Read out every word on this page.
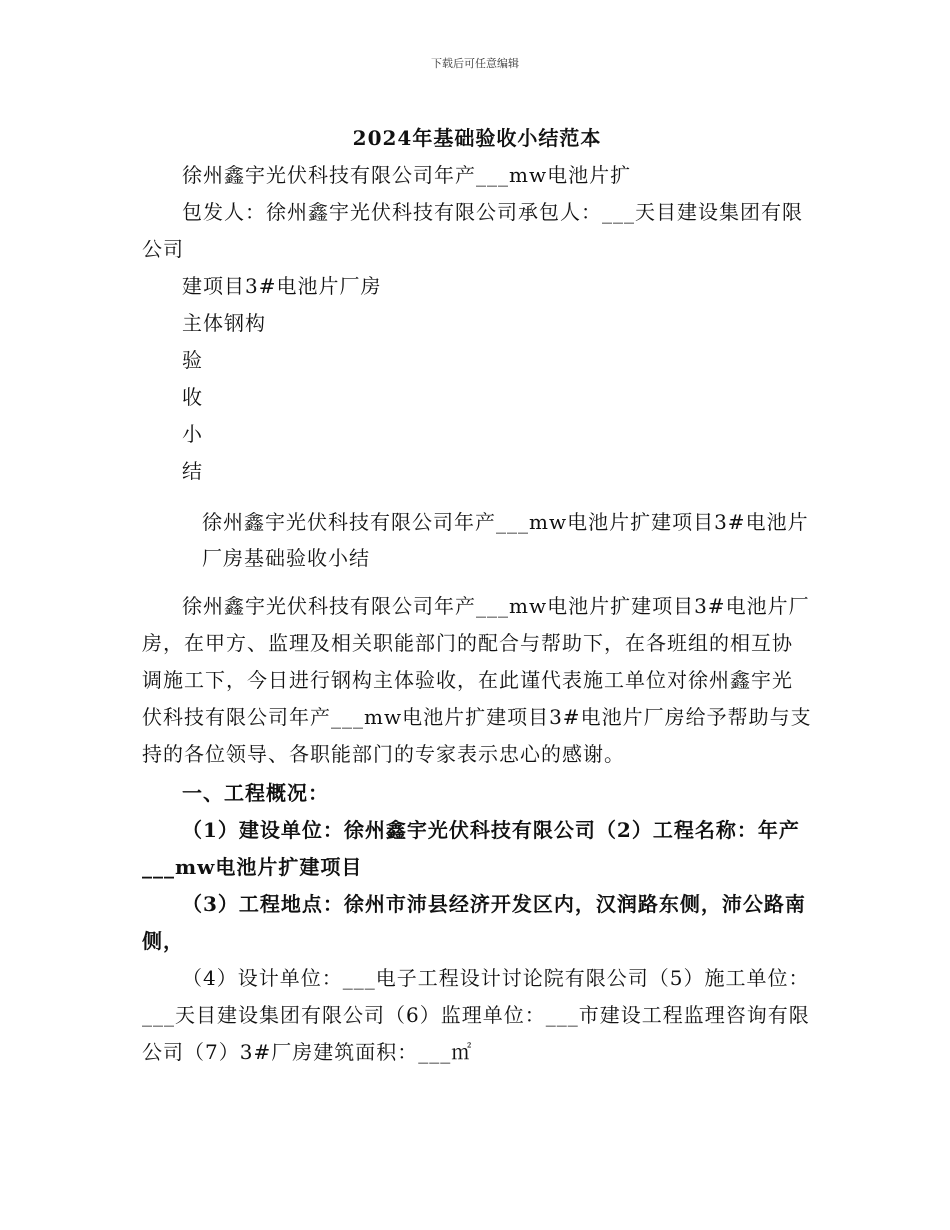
下载后可任意编辑
2024年基础验收小结范本

徐州鑫宇光伏科技有限公司年产___mw电池片扩

包发人：徐州鑫宇光伏科技有限公司承包人：___天目建设集团有限公司

建项目3#电池片厂房

主体钢构

验

收

小

结

徐州鑫宇光伏科技有限公司年产___mw电池片扩建项目3#电池片厂房基础验收小结

徐州鑫宇光伏科技有限公司年产___mw电池片扩建项目3#电池片厂房，在甲方、监理及相关职能部门的配合与帮助下，在各班组的相互协调施工下，今日进行钢构主体验收，在此谨代表施工单位对徐州鑫宇光伏科技有限公司年产___mw电池片扩建项目3#电池片厂房给予帮助与支持的各位领导、各职能部门的专家表示忠心的感谢。

一、工程概况：

（1）建设单位：徐州鑫宇光伏科技有限公司（2）工程名称：年产___mw电池片扩建项目

（3）工程地点：徐州市沛县经济开发区内，汉润路东侧，沛公路南侧，

（4）设计单位：___电子工程设计讨论院有限公司（5）施工单位：___天目建设集团有限公司（6）监理单位：___市建设工程监理咨询有限公司（7）3#厂房建筑面积：___㎡
